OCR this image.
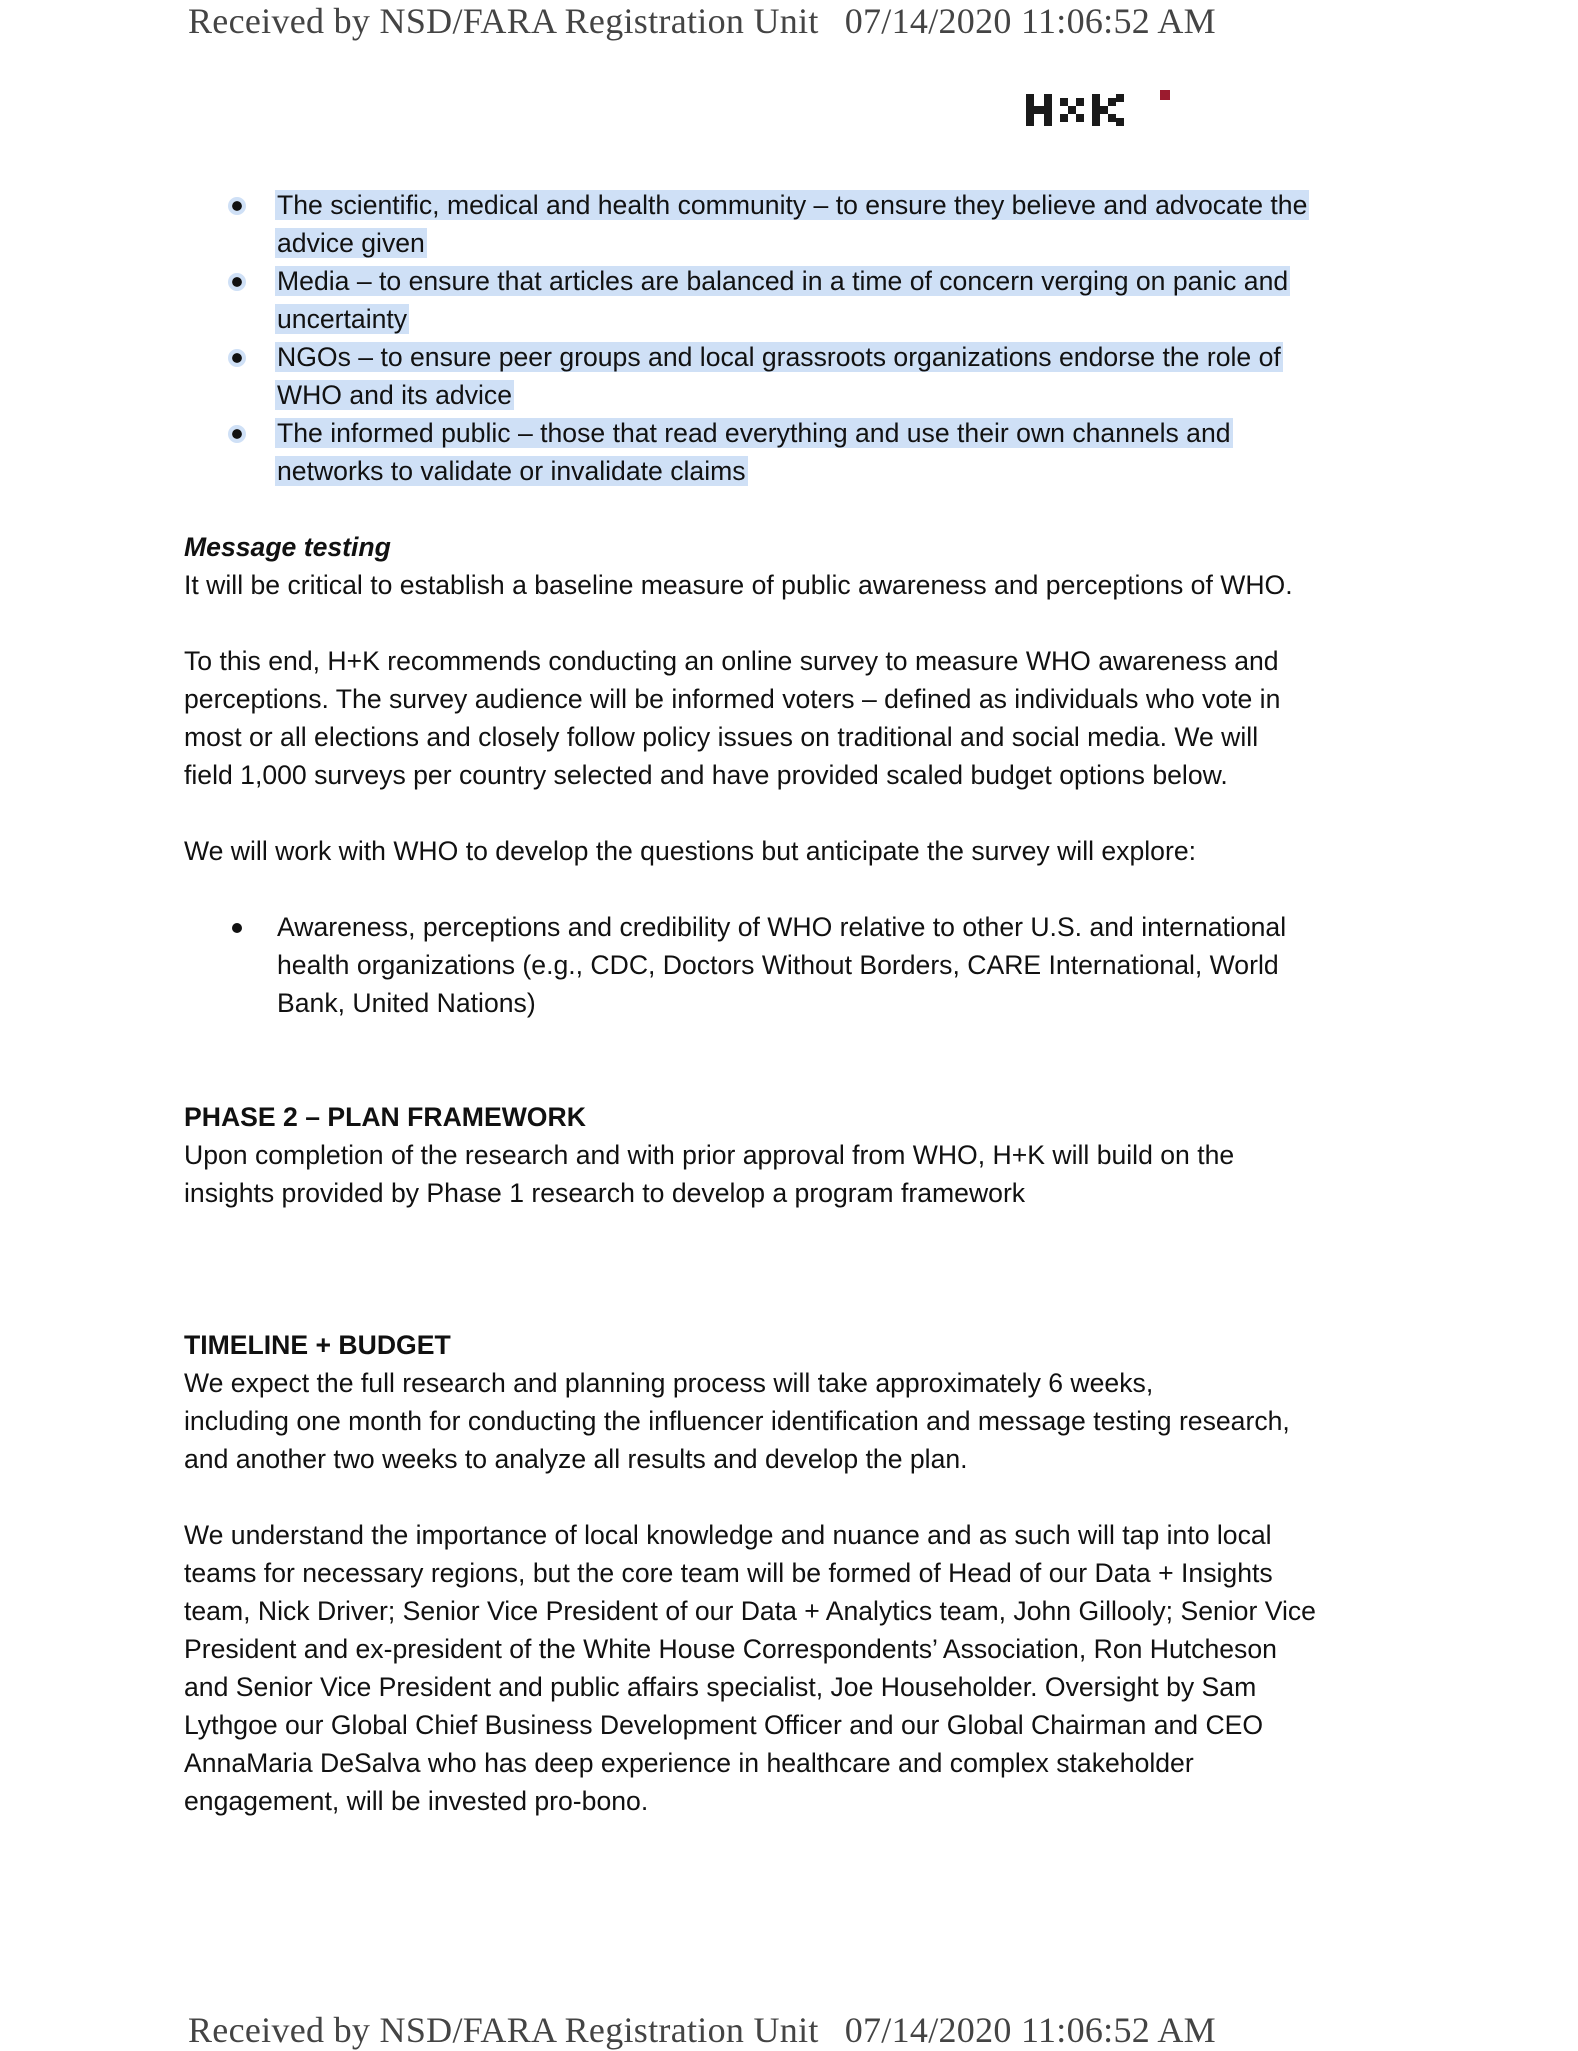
Received by NSD/FARA Registration Unit 07/14/2020 11:06:52 AM
The scientific, medical and health community – to ensure they believe and advocate the
advice given
Media – to ensure that articles are balanced in a time of concern verging on panic and
uncertainty
NGOs – to ensure peer groups and local grassroots organizations endorse the role of
WHO and its advice
The informed public – those that read everything and use their own channels and
networks to validate or invalidate claims

Message testing

It will be critical to establish a baseline measure of public awareness and perceptions of WHO.

To this end, H+K recommends conducting an online survey to measure WHO awareness and
perceptions. The survey audience will be informed voters – defined as individuals who vote in
most or all elections and closely follow policy issues on traditional and social media. We will
field 1,000 surveys per country selected and have provided scaled budget options below.

We will work with WHO to develop the questions but anticipate the survey will explore:

Awareness, perceptions and credibility of WHO relative to other U.S. and international
health organizations (e.g., CDC, Doctors Without Borders, CARE International, World
Bank, United Nations)

PHASE 2 – PLAN FRAMEWORK

Upon completion of the research and with prior approval from WHO, H+K will build on the
insights provided by Phase 1 research to develop a program framework

TIMELINE + BUDGET

We expect the full research and planning process will take approximately 6 weeks,
including one month for conducting the influencer identification and message testing research,
and another two weeks to analyze all results and develop the plan.

We understand the importance of local knowledge and nuance and as such will tap into local
teams for necessary regions, but the core team will be formed of Head of our Data + Insights
team, Nick Driver; Senior Vice President of our Data + Analytics team, John Gillooly; Senior Vice
President and ex-president of the White House Correspondents’ Association, Ron Hutcheson
and Senior Vice President and public affairs specialist, Joe Householder. Oversight by Sam
Lythgoe our Global Chief Business Development Officer and our Global Chairman and CEO
AnnaMaria DeSalva who has deep experience in healthcare and complex stakeholder
engagement, will be invested pro-bono.

Received by NSD/FARA Registration Unit 07/14/2020 11:06:52 AM
